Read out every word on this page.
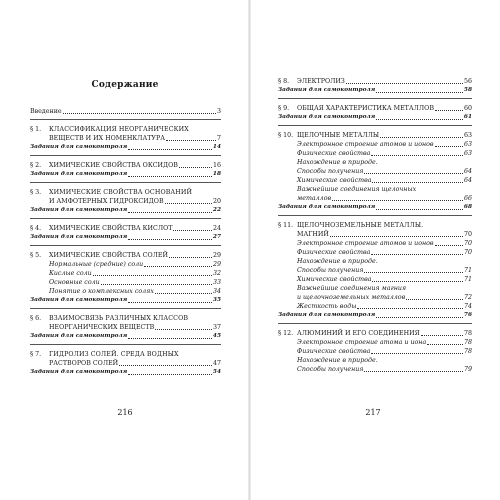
Содержание
Введение	3
§ 1. КЛАССИФИКАЦИЯ НЕОРГАНИЧЕСКИХ
ВЕЩЕСТВ И ИХ НОМЕНКЛАТУРА	7
Задания для самоконтроля	14
§ 2. ХИМИЧЕСКИЕ СВОЙСТВА ОКСИДОВ	16
Задания для самоконтроля	18
§ 3. ХИМИЧЕСКИЕ СВОЙСТВА ОСНОВАНИЙ
И АМФОТЕРНЫХ ГИДРОКСИДОВ	20
Задания для самоконтроля	22
§ 4. ХИМИЧЕСКИЕ СВОЙСТВА КИСЛОТ	24
Задания для самоконтроля	27
§ 5. ХИМИЧЕСКИЕ СВОЙСТВА СОЛЕЙ	29
Нормальные (средние) соли	29
Кислые соли	32
Основные соли	33
Понятие о комплексных солях	34
Задания для самоконтроля	35
§ 6. ВЗАИМОСВЯЗЬ РАЗЛИЧНЫХ КЛАССОВ
НЕОРГАНИЧЕСКИХ ВЕЩЕСТВ	37
Задания для самоконтроля	45
§ 7. ГИДРОЛИЗ СОЛЕЙ. СРЕДА ВОДНЫХ
РАСТВОРОВ СОЛЕЙ	47
Задания для самоконтроля	54
216
§ 8. ЭЛЕКТРОЛИЗ	56
Задания для самоконтроля	58
§ 9. ОБЩАЯ ХАРАКТЕРИСТИКА МЕТАЛЛОВ	60
Задания для самоконтроля	61
§ 10. ЩЕЛОЧНЫЕ МЕТАЛЛЫ	63
Электронное строение атомов и ионов	63
Физические свойства	63
Нахождение в природе.
Способы получения	64
Химические свойства	64
Важнейшие соединения щелочных
металлов	66
Задания для самоконтроля	68
§ 11. ЩЕЛОЧНОЗЕМЕЛЬНЫЕ МЕТАЛЛЫ.
МАГНИЙ	70
Электронное строение атомов и ионов	70
Физические свойства	70
Нахождение в природе.
Способы получения	71
Химические свойства	71
Важнейшие соединения магния
и щелочноземельных металлов	72
Жесткость воды	74
Задания для самоконтроля	76
§ 12. АЛЮМИНИЙ И ЕГО СОЕДИНЕНИЯ	78
Электронное строение атома и иона	78
Физические свойства	78
Нахождение в природе.
Способы получения	79
217
